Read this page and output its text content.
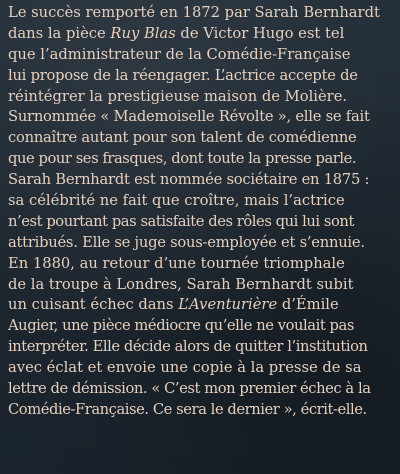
Le succès remporté en 1872 par Sarah Bernhardt
dans la pièce Ruy Blas de Victor Hugo est tel
que l’administrateur de la Comédie-Française
lui propose de la réengager. L’actrice accepte de
réintégrer la prestigieuse maison de Molière.
Surnommée « Mademoiselle Révolte », elle se fait
connaître autant pour son talent de comédienne
que pour ses frasques, dont toute la presse parle.
Sarah Bernhardt est nommée sociétaire en 1875 :
sa célébrité ne fait que croître, mais l’actrice
n’est pourtant pas satisfaite des rôles qui lui sont
attribués. Elle se juge sous-employée et s’ennuie.
En 1880, au retour d’une tournée triomphale
de la troupe à Londres, Sarah Bernhardt subit
un cuisant échec dans L’Aventurière d’Émile
Augier, une pièce médiocre qu’elle ne voulait pas
interpréter. Elle décide alors de quitter l’institution
avec éclat et envoie une copie à la presse de sa
lettre de démission. « C’est mon premier échec à la
Comédie-Française. Ce sera le dernier », écrit-elle.
